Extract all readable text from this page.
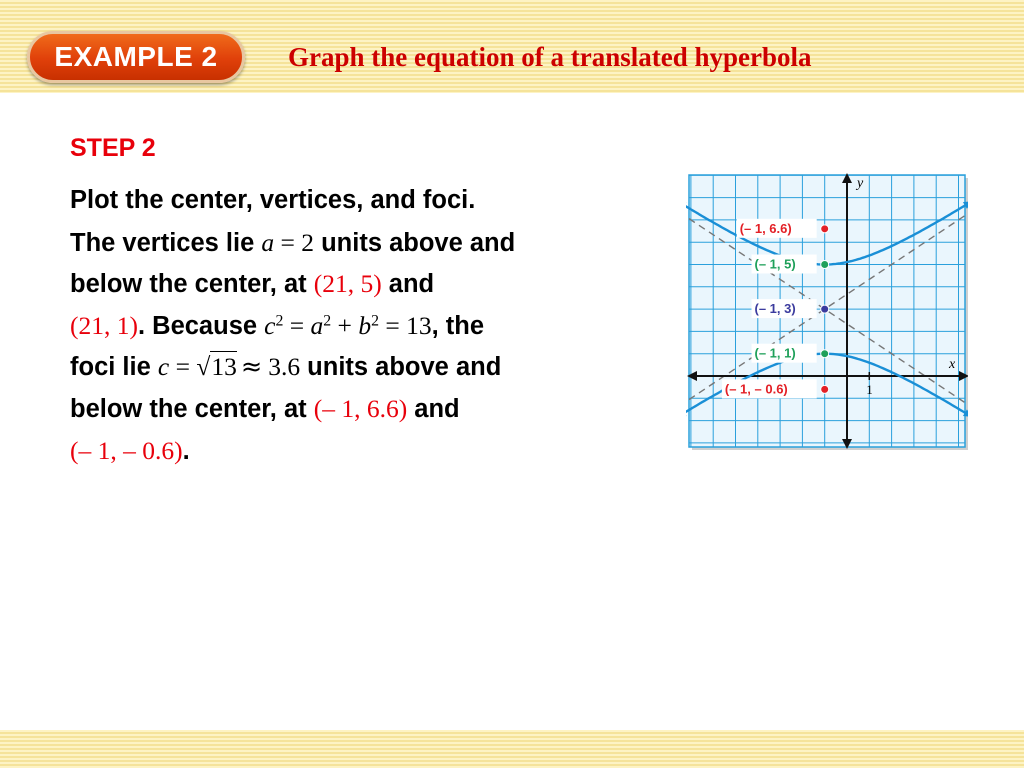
EXAMPLE 2	Graph the equation of a translated hyperbola
STEP 2
Plot the center, vertices, and foci.
The vertices lie a = 2 units above and
below the center, at (21, 5) and
(21, 1). Because $c^2 = a^2 + b^2 = 13$, the
foci lie c = √13 ≈ 3.6 units above and
below the center, at (– 1, 6.6) and
(– 1, – 0.6).
y
x
1
(– 1, 6.6)
(– 1, 5)
(– 1, 3)
(– 1, 1)
(– 1, – 0.6)
